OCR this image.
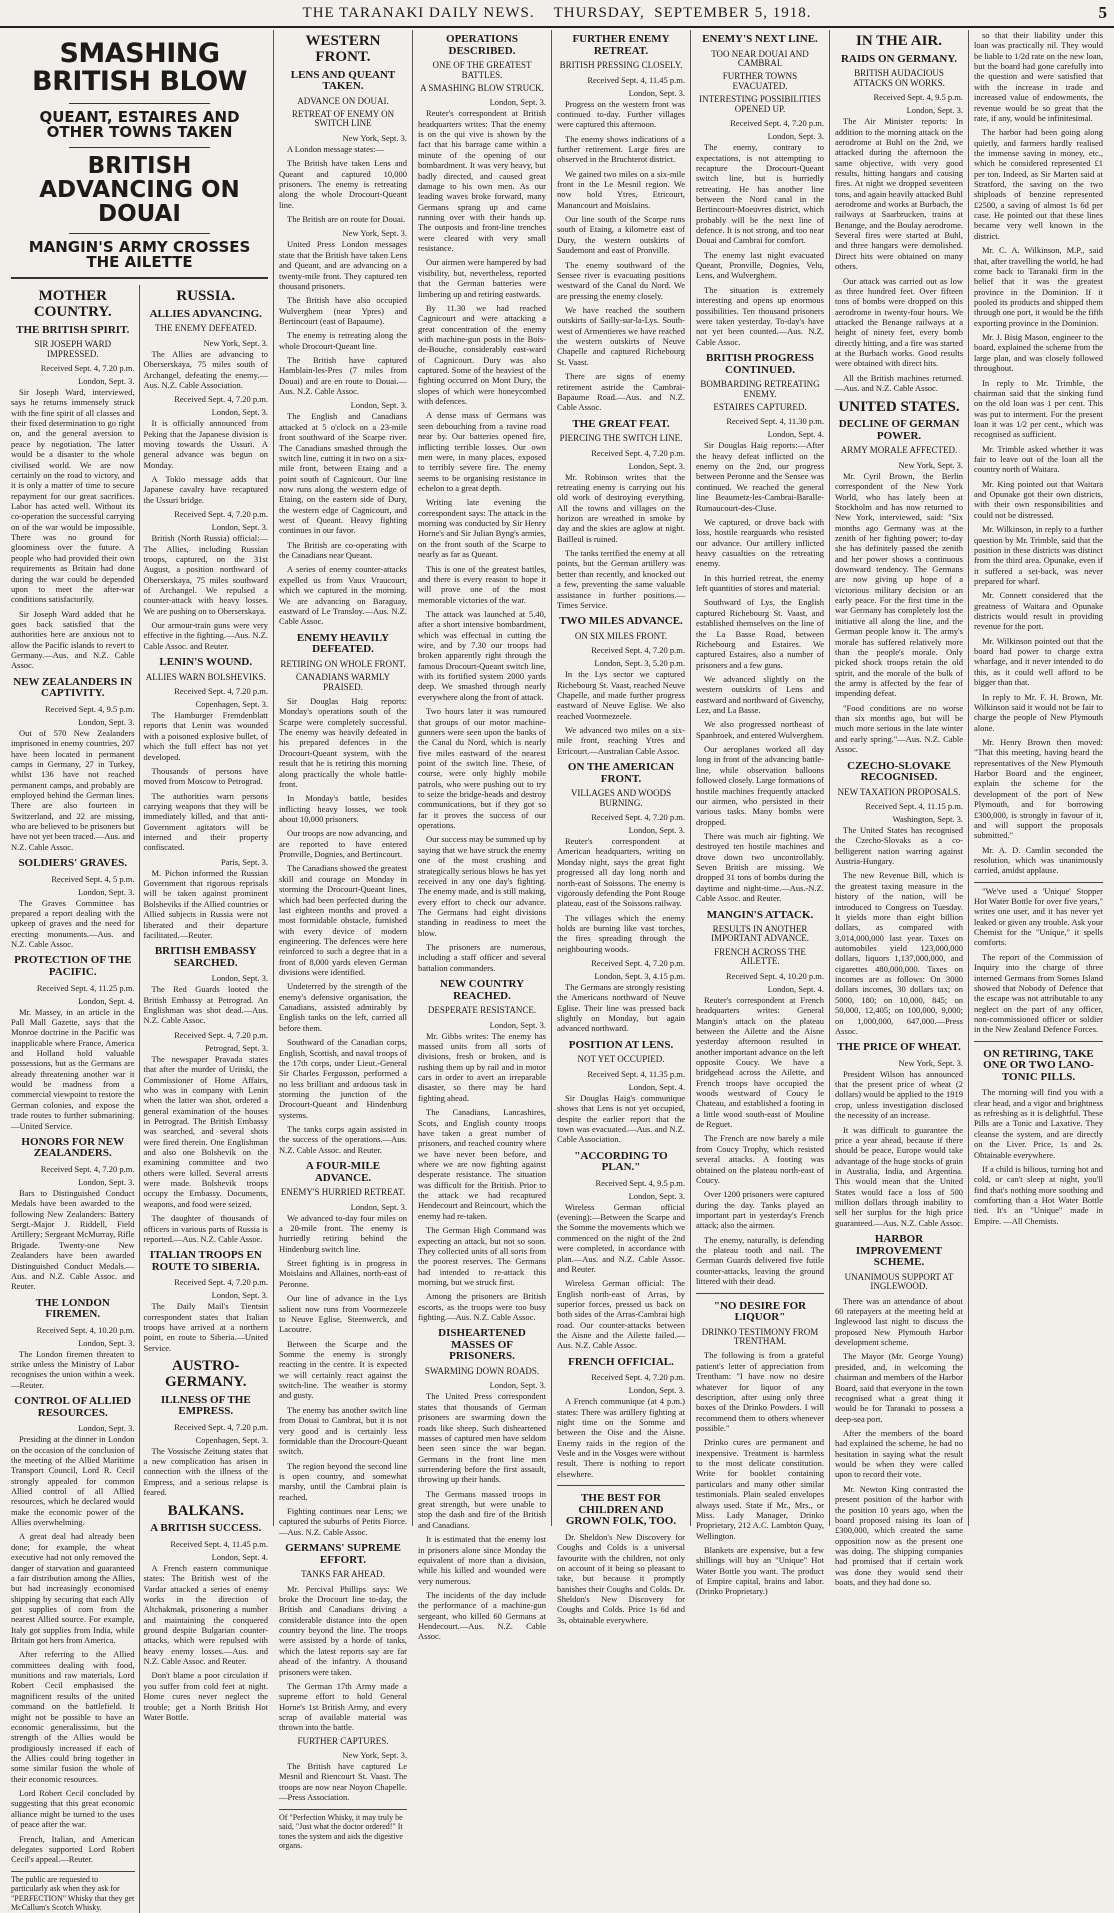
THE TARANAKI DAILY NEWS.
THURSDAY,
SEPTEMBER 5, 1918.	5
SMASHING BRITISH BLOW
QUEANT, ESTAIRES AND OTHER TOWNS TAKEN
BRITISH ADVANCING ON DOUAI
MANGIN'S ARMY CROSSES THE AILETTE
MOTHER COUNTRY.
THE BRITISH SPIRIT.
SIR JOSEPH WARD IMPRESSED.
Received Sept. 4, 7.20 p.m.
London, Sept. 3.

Sir Joseph Ward, interviewed, says he returns immensely struck with the fine spirit of all classes and their fixed determination to go right on, and the general aversion to peace by negotiation. The latter would be a disaster to the whole civilised world. We are now certainly on the road to victory, and it is only a matter of time to secure repayment for our great sacrifices. Labor has acted well. Without its co-operation the successful carrying on of the war would be impossible. There was no ground for gloominess over the future. A people who had provided their own requirements as Britain had done during the war could be depended upon to meet the after-war conditions satisfactorily.

Sir Joseph Ward added that he goes back satisfied that the authorities here are anxious not to allow the Pacific islands to revert to Germany.—Aus. and N.Z. Cable Assoc.

NEW ZEALANDERS IN CAPTIVITY.
Received Sept. 4, 9.5 p.m.
London, Sept. 3.

Out of 570 New Zealanders imprisoned in enemy countries, 207 have been located in permanent camps in Germany, 27 in Turkey, whilst 136 have not reached permanent camps, and probably are employed behind the German lines. There are also fourteen in Switzerland, and 22 are missing, who are believed to be prisoners but have not yet been traced.—Aus. and N.Z. Cable Assoc.

SOLDIERS' GRAVES.
Received Sept. 4, 5 p.m.
London, Sept. 3.

The Graves Committee has prepared a report dealing with the upkeep of graves and the need for erecting monuments.—Aus. and N.Z. Cable Assoc.

PROTECTION OF THE PACIFIC.
Received Sept. 4, 11.25 p.m.
London, Sept. 4.

Mr. Massey, in an article in the Pall Mall Gazette, says that the Monroe doctrine in the Pacific was inapplicable where France, America and Holland hold valuable possessions, but as the Germans are already threatening another war it would be madness from a commercial viewpoint to restore the German colonies, and expose the trade routes to further submarining.—United Service.

HONORS FOR NEW ZEALANDERS.
Received Sept. 4, 7.20 p.m.
London, Sept. 3.

Bars to Distinguished Conduct Medals have been awarded to the following New Zealanders: Battery Sergt.-Major J. Riddell, Field Artillery; Sergeant McMurray, Rifle Brigade. Twenty-one New Zealanders have been awarded Distinguished Conduct Medals.—Aus. and N.Z. Cable Assoc. and Reuter.

THE LONDON FIREMEN.
Received Sept. 4, 10.20 p.m.
London, Sept. 3.

The London firemen threaten to strike unless the Ministry of Labor recognises the union within a week.—Reuter.

CONTROL OF ALLIED RESOURCES.
London, Sept. 3.

Presiding at the dinner in London on the occasion of the conclusion of the meeting of the Allied Maritime Transport Council, Lord R. Cecil strongly appealed for common Allied control of all Allied resources, which he declared would make the economic power of the Allies overwhelming.

A great deal had already been done; for example, the wheat executive had not only removed the danger of starvation and guaranteed a fair distribution among the Allies, but had increasingly economised shipping by securing that each Ally got supplies of corn from the nearest Allied source. For example, Italy got supplies from India, while Britain got hers from America.

After referring to the Allied committees dealing with food, munitions and raw materials, Lord Robert Cecil emphasised the magnificent results of the united command on the battlefield. It might not be possible to have an economic generalissimo, but the strength of the Allies would be prodigiously increased if each of the Allies could bring together in some similar fusion the whole of their economic resources.

Lord Robert Cecil concluded by suggesting that this great economic alliance might be turned to the uses of peace after the war.

French, Italian, and American delegates supported Lord Robert Cecil's appeal.—Reuter.

The public are requested to particularly ask when they ask for "PERFECTION" Whisky that they get McCallum's Scotch Whisky.
RUSSIA.
ALLIES ADVANCING.
THE ENEMY DEFEATED.
New York, Sept. 3.

The Allies are advancing to Oberserskaya, 75 miles south of Archangel, defeating the enemy.—Aus. N.Z. Cable Association.

Received Sept. 4, 7.20 p.m.
London, Sept. 3.

It is officially announced from Peking that the Japanese division is moving towards the Ussuri. A general advance was begun on Monday.

A Tokio message adds that Japanese cavalry have recaptured the Ussuri bridge.

Received Sept. 4, 7.20 p.m.
London, Sept. 3.

British (North Russia) official:—The Allies, including Russian troops, captured, on the 31st August, a position northward of Oberserskaya, 75 miles southward of Archangel. We repulsed a counter-attack with heavy losses. We are pushing on to Oberserskaya.

Our armour-train guns were very effective in the fighting.—Aus. N.Z. Cable Assoc. and Reuter.

LENIN'S WOUND.
ALLIES WARN BOLSHEVIKS.
Received Sept. 4, 7.20 p.m.
Copenhagen, Sept. 3.

The Hamburger Fremdenblatt reports that Lenin was wounded with a poisoned explosive bullet, of which the full effect has not yet developed.

Thousands of persons have moved from Moscow to Petrograd.

The authorities warn persons carrying weapons that they will be immediately killed, and that anti-Government agitators will be interned and their property confiscated.

Paris, Sept. 3.

M. Pichon informed the Russian Government that rigorous reprisals will be taken against prominent Bolsheviks if the Allied countries or Allied subjects in Russia were not liberated and their departure facilitated.—Reuter.

BRITISH EMBASSY SEARCHED.
London, Sept. 3.

The Red Guards looted the British Embassy at Petrograd. An Englishman was shot dead.—Aus. N.Z. Cable Assoc.

Received Sept. 4, 7.20 p.m.
Petrograd, Sept. 3.

The newspaper Pravada states that after the murder of Uritski, the Commissioner of Home Affairs, who was in company with Lenin when the latter was shot, ordered a general examination of the houses in Petrograd. The British Embassy was searched, and several shots were fired therein. One Englishman and also one Bolshevik on the examining committee and two others were killed. Several arrests were made. Bolshevik troops occupy the Embassy. Documents, weapons, and food were seized.

The daughter of thousands of officers in various parts of Russia is reported.—Aus. N.Z. Cable Assoc.

ITALIAN TROOPS EN ROUTE TO SIBERIA.
Received Sept. 4, 7.20 p.m.
London, Sept. 3.

The Daily Mail's Tientsin correspondent states that Italian troops have arrived at a northern point, en route to Siberia.—United Service.

AUSTRO-GERMANY.
ILLNESS OF THE EMPRESS.
Received Sept. 4, 7.20 p.m.
Copenhagen, Sept. 3.

The Vossische Zeitung states that a new complication has arisen in connection with the illness of the Empress, and a serious relapse is feared.

BALKANS.
A BRITISH SUCCESS.
Received Sept. 4, 11.45 p.m.
London, Sept. 4.

A French eastern communique states: The British west of the Vardar attacked a series of enemy works in the direction of Altchakmak, prisonering a number and maintaining the conquered ground despite Bulgarian counter-attacks, which were repulsed with heavy enemy losses.—Aus. and N.Z. Cable Assoc. and Reuter.

Don't blame a poor circulation if you suffer from cold feet at night. Home cures never neglect the trouble; get a North British Hot Water Bottle.

WESTERN FRONT.
LENS AND QUEANT TAKEN.
ADVANCE ON DOUAI.
RETREAT OF ENEMY ON SWITCH LINE
New York, Sept. 3.

A London message states:—

The British have taken Lens and Queant and captured 10,000 prisoners. The enemy is retreating along the whole Drocourt-Queant line.

The British are on route for Douai.

New York, Sept. 3.

United Press London messages state that the British have taken Lens and Queant, and are advancing on a twenty-mile front. They captured ten thousand prisoners.

The British have also occupied Wulverghem (near Ypres) and Bertincourt (east of Bapaume).

The enemy is retreating along the whole Drocourt-Queant line.

The British have captured Hamblain-les-Pres (7 miles from Douai) and are en route to Douai.—Aus. N.Z. Cable Assoc.

London, Sept. 3.

The English and Canadians attacked at 5 o'clock on a 23-mile front southward of the Scarpe river. The Canadians smashed through the switch line, cutting it in two on a six-mile front, between Etaing and a point south of Cagnicourt. Our line now runs along the western edge of Etaing, on the eastern side of Dury, the western edge of Cagnicourt, and west of Queant. Heavy fighting continues in our favor.

The British are co-operating with the Canadians near Queant.

A series of enemy counter-attacks expelled us from Vaux Vraucourt, which we captured in the morning. We are advancing on Baraguay, eastward of Le Transloy.—Aus. N.Z. Cable Assoc.

ENEMY HEAVILY DEFEATED.
RETIRING ON WHOLE FRONT.
CANADIANS WARMLY PRAISED.

Sir Douglas Haig reports: Monday's operations south of the Scarpe were completely successful. The enemy was heavily defeated in his prepared defences in the Drocourt-Queant system, with the result that he is retiring this morning along practically the whole battle-front.

In Monday's battle, besides inflicting heavy losses, we took about 10,000 prisoners.

Our troops are now advancing, and are reported to have entered Pronville, Dognies, and Bertincourt.

The Canadians showed the greatest skill and courage on Monday in storming the Drocourt-Queant lines, which had been perfected during the last eighteen months and proved a most formidable obstacle, furnished with every device of modern engineering. The defences were here reinforced to such a degree that in a front of 8,000 yards eleven German divisions were identified.

Undeterred by the strength of the enemy's defensive organisation, the Canadians, assisted admirably by English tanks on the left, carried all before them.

Southward of the Canadian corps, English, Scottish, and naval troops of the 17th corps, under Lieut.-General Sir Charles Fergusson, performed a no less brilliant and arduous task in storming the junction of the Drocourt-Queant and Hindenburg systems.

The tanks corps again assisted in the success of the operations.—Aus. N.Z. Cable Assoc. and Reuter.

A FOUR-MILE ADVANCE.
ENEMY'S HURRIED RETREAT.
London, Sept. 3.

We advanced to-day four miles on a 20-mile front. The enemy is hurriedly retiring behind the Hindenburg switch line.

Street fighting is in progress in Moislains and Allaines, north-east of Peronne.

Our line of advance in the Lys salient now runs from Voormezeele to Neuve Eglise, Steenwerck, and Lacoutre.

Between the Scarpe and the Somme the enemy is strongly reacting in the centre. It is expected we will certainly react against the switch-line. The weather is stormy and gusty.

The enemy has another switch line from Douai to Cambrai, but it is not very good and is certainly less formidable than the Drocourt-Queant switch.

The region beyond the second line is open country, and somewhat marshy, until the Cambrai plain is reached.

Fighting continues near Lens; we captured the suburbs of Petits Fiorce.—Aus. N.Z. Cable Assoc.

GERMANS' SUPREME EFFORT.
TANKS FAR AHEAD.

Mr. Percival Phillips says: We broke the Drocourt line to-day, the British and Canadians driving a considerable distance into the open country beyond the line. The troops were assisted by a horde of tanks, which the latest reports say are far ahead of the infantry. A thousand prisoners were taken.

The German 17th Army made a supreme effort to hold General Horne's 1st British Army, and every scrap of available material was thrown into the battle.

FURTHER CAPTURES.
New York, Sept. 3.

The British have captured Le Mesnil and Riencourt St. Vaast. The troops are now near Noyon Chapelle.—Press Association.

Of "Perfection Whisky, it may truly be said, "Just what the doctor ordered!" It tones the system and aids the digestive organs.
OPERATIONS DESCRIBED.
ONE OF THE GREATEST BATTLES.
A SMASHING BLOW STRUCK.
London, Sept. 3.

Reuter's correspondent at British headquarters writes: That the enemy is on the qui vive is shown by the fact that his barrage came within a minute of the opening of our bombardment. It was very heavy, but badly directed, and caused great damage to his own men. As our leading waves broke forward, many Germans sprang up and came running over with their hands up. The outposts and front-line trenches were cleared with very small resistance.

Our airmen were hampered by bad visibility, but, nevertheless, reported that the German batteries were limbering up and retiring eastwards.

By 11.30 we had reached Cagnicourt and were attacking a great concentration of the enemy with machine-gun posts in the Bois-de-Bouche, considerably east-ward of Cagnicourt. Dury was also captured. Some of the heaviest of the fighting occurred on Mont Dury, the slopes of which were honeycombed with defences.

A dense mass of Germans was seen debouching from a ravine road near by. Our batteries opened fire, inflicting terrible losses. Our own men were, in many places, exposed to terribly severe fire. The enemy seems to be organising resistance in echelon to a great depth.

Writing late evening the correspondent says: The attack in the morning was conducted by Sir Henry Horne's and Sir Julian Byng's armies, on the front south of the Scarpe to nearly as far as Queant.

This is one of the greatest battles, and there is every reason to hope it will prove one of the most memorable victories of the war.

The attack was launched at 5.40, after a short intensive bombardment, which was effectual in cutting the wire, and by 7.30 our troops had broken apparently right through the famous Drocourt-Queant switch line, with its fortified system 2000 yards deep. We smashed through nearly everywhere along the front of attack.

Two hours later it was rumoured that groups of our motor machine-gunners were seen upon the banks of the Canal du Nord, which is nearly five miles eastward of the nearest point of the switch line. These, of course, were only highly mobile patrols, who were pushing out to try to seize the bridge-heads and destroy communications, but if they got so far it proves the success of our operations.

Our success may be summed up by saying that we have struck the enemy one of the most crushing and strategically serious blows he has yet received in any one day's fighting. The enemy made, and is still making, every effort to check our advance. The Germans had eight divisions standing in readiness to meet the blow.

The prisoners are numerous, including a staff officer and several battalion commanders.

NEW COUNTRY REACHED.
DESPERATE RESISTANCE.
London, Sept. 3.

Mr. Gibbs writes: The enemy has massed units from all sorts of divisions, fresh or broken, and is rushing them up by rail and in motor cars in order to avert an irreparable disaster, so there may be hard fighting ahead.

The Canadians, Lancashires, Scots, and English county troops have taken a great number of prisoners, and reached country where we have never been before, and where we are now fighting against desperate resistance. The situation was difficult for the British. Prior to the attack we had recaptured Hendecourt and Reincourt, which the enemy had re-taken.

The German High Command was expecting an attack, but not so soon. They collected units of all sorts from the poorest reserves. The Germans had intended to re-attack this morning, but we struck first.

Among the prisoners are British escorts, as the troops were too busy fighting.—Aus. N.Z. Cable Assoc.

DISHEARTENED MASSES OF PRISONERS.
SWARMING DOWN ROADS.
London, Sept. 3.

The United Press correspondent states that thousands of German prisoners are swarming down the roads like sheep. Such disheartened masses of captured men have seldom been seen since the war began. Germans in the front line men surrendering before the first assault, throwing up their hands.

The Germans massed troops in great strength, but were unable to stop the dash and fire of the British and Canadians.

It is estimated that the enemy lost in prisoners alone since Monday the equivalent of more than a division, while his killed and wounded were very numerous.

The incidents of the day include the performance of a machine-gun sergeant, who killed 60 Germans at Hendecourt.—Aus. N.Z. Cable Assoc.

FURTHER ENEMY RETREAT.
BRITISH PRESSING CLOSELY.
Received Sept. 4, 11.45 p.m.
London, Sept. 3.

Progress on the western front was continued to-day. Further villages were captured this afternoon.

The enemy shows indications of a further retirement. Large fires are observed in the Bruchterot district.

We gained two miles on a six-mile front in the Le Mesnil region. We now hold Ytres, Etricourt, Manancourt and Moislains.

Our line south of the Scarpe runs south of Etaing, a kilometre east of Dury, the western outskirts of Saudemont and east of Pronville.

The enemy southward of the Sensee river is evacuating positions westward of the Canal du Nord. We are pressing the enemy closely.

We have reached the southern outskirts of Sailly-sur-la-Lys. South-west of Armentieres we have reached the western outskirts of Neuve Chapelle and captured Richebourg St. Vaast.

There are signs of enemy retirement astride the Cambrai-Bapaume Road.—Aus. and N.Z. Cable Assoc.

THE GREAT FEAT.
PIERCING THE SWITCH LINE.
Received Sept. 4, 7.20 p.m.
London, Sept. 3.

Mr. Robinson writes that the retreating enemy is carrying out his old work of destroying everything. All the towns and villages on the horizon are wreathed in smoke by day and the skies are aglow at night. Bailleul is ruined.

The tanks terrified the enemy at all points, but the German artillery was better than recently, and knocked out a few, preventing the same valuable assistance in further positions.—Times Service.

TWO MILES ADVANCE.
ON SIX MILES FRONT.
Received Sept. 4, 7.20 p.m.
London, Sept. 3, 5.20 p.m.

In the Lys sector we captured Richebourg St. Vaast, reached Neuve Chapelle, and made further progress eastward of Neuve Eglise. We also reached Voormezeele.

We advanced two miles on a six-mile front, reaching Ytres and Etricourt.—Australian Cable Assoc.

ON THE AMERICAN FRONT.
VILLAGES AND WOODS BURNING.
Received Sept. 4, 7.20 p.m.
London, Sept. 3.

Reuter's correspondent at American headquarters, writing on Monday night, says the great fight progressed all day long north and north-east of Soissons. The enemy is vigorously defending the Pont Rouge plateau, east of the Soissons railway.

The villages which the enemy holds are burning like vast torches, the fires spreading through the neighbouring woods.

Received Sept. 4, 7.20 p.m.
London, Sept. 3, 4.15 p.m.

The Germans are strongly resisting the Americans northward of Neuve Eglise. Their line was pressed back slightly on Monday, but again advanced northward.

POSITION AT LENS.
NOT YET OCCUPIED.
Received Sept. 4, 11.35 p.m.
London, Sept. 4.

Sir Douglas Haig's communique shows that Lens is not yet occupied, despite the earlier report that the town was evacuated.—Aus. and N.Z. Cable Association.

"ACCORDING TO PLAN."
Received Sept. 4, 9.5 p.m.
London, Sept. 3.

Wireless German official (evening):—Between the Scarpe and the Somme the movements which we commenced on the night of the 2nd were completed, in accordance with plan.—Aus. and N.Z. Cable Assoc. and Reuter.

Wireless German official: The English north-east of Arras, by superior forces, pressed us back on both sides of the Arras-Cambrai high road. Our counter-attacks between the Aisne and the Ailette failed.—Aus. N.Z. Cable Assoc.

FRENCH OFFICIAL.
Received Sept. 4, 7.20 p.m.
London, Sept. 3.

A French communique (at 4 p.m.) states: There was artillery fighting at night time on the Somme and between the Oise and the Aisne. Enemy raids in the region of the Vesle and in the Vosges were without result. There is nothing to report elsewhere.

THE BEST FOR CHILDREN AND GROWN FOLK, TOO.

Dr. Sheldon's New Discovery for Coughs and Colds is a universal favourite with the children, not only on account of it being so pleasant to take, but because it promptly banishes their Coughs and Colds. Dr. Sheldon's New Discovery for Coughs and Colds. Price 1s 6d and 3s, obtainable everywhere.

ENEMY'S NEXT LINE.
TOO NEAR DOUAI AND CAMBRAI.
FURTHER TOWNS EVACUATED.
INTERESTING POSSIBILITIES OPENED UP.
Received Sept. 4, 7.20 p.m.
London, Sept. 3.

The enemy, contrary to expectations, is not attempting to recapture the Drocourt-Queant switch line, but is hurriedly retreating. He has another line between the Nord canal in the Bertincourt-Moeuvres district, which probably will be the next line of defence. It is not strong, and too near Douai and Cambrai for comfort.

The enemy last night evacuated Queant, Pronville, Dognies, Velu, Lens, and Wulverghem.

The situation is extremely interesting and opens up enormous possibilities. Ten thousand prisoners were taken yesterday. To-day's have not yet been counted.—Aus. N.Z. Cable Assoc.

BRITISH PROGRESS CONTINUED.
BOMBARDING RETREATING ENEMY.
ESTAIRES CAPTURED.
Received Sept. 4, 11.30 p.m.
London, Sept. 4.

Sir Douglas Haig reports:—After the heavy defeat inflicted on the enemy on the 2nd, our progress between Peronne and the Sensee was continued. We reached the general line Beaumetz-les-Cambrai-Baralle-Rumaucourt-des-Cluse.

We captured, or drove back with loss, hostile rearguards who resisted our advance. Our artillery inflicted heavy casualties on the retreating enemy.

In this hurried retreat, the enemy left quantities of stores and material.

Southward of Lys, the English captured Richebourg St. Vaast, and established themselves on the line of the La Basse Road, between Richebourg and Estaires. We captured Estaires, also a number of prisoners and a few guns.

We advanced slightly on the western outskirts of Lens and eastward and northward of Givenchy, Lez, and La Basse.

We also progressed northeast of Spanbroek, and entered Wulverghem.

Our aeroplanes worked all day long in front of the advancing battle-line, while observation balloons followed closely. Large formations of hostile machines frequently attacked our airmen, who persisted in their various tasks. Many bombs were dropped.

There was much air fighting. We destroyed ten hostile machines and drove down two uncontrollably. Seven British are missing. We dropped 31 tons of bombs during the daytime and night-time.—Aus.-N.Z. Cable Assoc. and Reuter.

MANGIN'S ATTACK.
RESULTS IN ANOTHER IMPORTANT ADVANCE.
FRENCH ACROSS THE AILETTE.
Received Sept. 4, 10.20 p.m.
London, Sept. 4.

Reuter's correspondent at French headquarters writes: General Mangin's attack on the plateau between the Ailette and the Aisne yesterday afternoon resulted in another important advance on the left opposite Coucy. We have a bridgehead across the Ailette, and French troops have occupied the woods westward of Coucy le Chateau, and established a footing in a little wood south-east of Mouline de Reguet.

The French are now barely a mile from Coucy Trophy, which resisted several attacks. A footing was obtained on the plateau north-east of Coucy.

Over 1200 prisoners were captured during the day. Tanks played an important part in yesterday's French attack; also the airmen.

The enemy, naturally, is defending the plateau tooth and nail. The German Guards delivered five futile counter-attacks, leaving the ground littered with their dead.

"NO DESIRE FOR LIQUOR"
DRINKO TESTIMONY FROM TRENTHAM.

The following is from a grateful patient's letter of appreciation from Trentham: "I have now no desire whatever for liquor of any description, after using only three boxes of the Drinko Powders. I will recommend them to others whenever possible."

Drinko cures are permanent and inexpensive. Treatment is harmless to the most delicate constitution. Write for booklet containing particulars and many other similar testimonials. Plain sealed envelopes always used. State if Mr., Mrs., or Miss. Lady Manager, Drinko Proprietary, 212 A.C. Lambton Quay, Wellington.

Blankets are expensive, but a few shillings will buy an "Unique" Hot Water Bottle you want. The product of Empire capital, brains and labor. (Drinko Proprietary.)

IN THE AIR.
RAIDS ON GERMANY.
BRITISH AUDACIOUS ATTACKS ON WORKS.
Received Sept. 4, 9.5 p.m.
London, Sept. 3.

The Air Minister reports: In addition to the morning attack on the aerodrome at Buhl on the 2nd, we attacked during the afternoon the same objective, with very good results, hitting hangars and causing fires. At night we dropped seventeen tons, and again heavily attacked Buhl aerodrome and works at Burbach, the railways at Saarbrucken, trains at Benange, and the Boulay aerodrome. Several fires were started at Buhl, and three hangars were demolished. Direct hits were obtained on many others.

Our attack was carried out as low as three hundred feet. Over fifteen tons of bombs were dropped on this aerodrome in twenty-four hours. We attacked the Benange railways at a height of ninety feet, every bomb directly hitting, and a fire was started at the Burbach works. Good results were obtained with direct hits.

All the British machines returned.—Aus. and N.Z. Cable Assoc.

UNITED STATES.
DECLINE OF GERMAN POWER.
ARMY MORALE AFFECTED.
New York, Sept. 3.

Mr. Cyril Brown, the Berlin correspondent of the New York World, who has lately been at Stockholm and has now returned to New York, interviewed, said: "Six months ago Germany was at the zenith of her fighting power; to-day she has definitely passed the zenith and her power shows a continuous downward tendency. The Germans are now giving up hope of a victorious military decision or an early peace. For the first time in the war Germany has completely lost the initiative all along the line, and the German people know it. The army's morale has suffered relatively more than the people's morale. Only picked shock troops retain the old spirit, and the morale of the bulk of the army is affected by the fear of impending defeat.

"Food conditions are no worse than six months ago, but will be much more serious in the late winter and early spring."—Aus. N.Z. Cable Assoc.

CZECHO-SLOVAKE RECOGNISED.
NEW TAXATION PROPOSALS.
Received Sept. 4, 11.15 p.m.
Washington, Sept. 3.

The United States has recognised the Czecho-Slovaks as a co-belligerent nation warring against Austria-Hungary.

The new Revenue Bill, which is the greatest taxing measure in the history of the nation, will be introduced to Congress on Tuesday. It yields more than eight billion dollars, as compared with 3,014,000,000 last year. Taxes on automobiles yield 123,000,000 dollars, liquors 1,137,000,000, and cigarettes 480,000,000. Taxes on incomes are as follows: On 3000 dollars incomes, 30 dollars tax; on 5000, 180; on 10,000, 845; on 50,000, 12,405; on 100,000, 9,000; on 1,000,000, 647,000.—Press Assoc.

THE PRICE OF WHEAT.
New York, Sept. 3.

President Wilson has announced that the present price of wheat (2 dollars) would be applied to the 1919 crop, unless investigation disclosed the necessity of an increase.

It was difficult to guarantee the price a year ahead, because if there should be peace, Europe would take advantage of the huge stocks of grain in Australia, India, and Argentina. This would mean that the United States would face a loss of 500 million dollars through inability to sell her surplus for the high price guaranteed.—Aus. N.Z. Cable Assoc.

HARBOR IMPROVEMENT SCHEME.
UNANIMOUS SUPPORT AT INGLEWOOD.

There was an attendance of about 60 ratepayers at the meeting held at Inglewood last night to discuss the proposed New Plymouth Harbor development scheme.

The Mayor (Mr. George Young) presided, and, in welcoming the chairman and members of the Harbor Board, said that everyone in the town recognised what a great thing it would be for Taranaki to possess a deep-sea port.

After the members of the board had explained the scheme, he had no hesitation in saying what the result would be when they were called upon to record their vote.

Mr. Newton King contrasted the present position of the harbor with the position 10 years ago, when the board proposed raising its loan of £300,000, which created the same opposition now as the present one was doing. The shipping companies had promised that if certain work was done they would send their boats, and they had done so.

so that their liability under this loan was practically nil. They would be liable to 1/2d rate on the new loan, but the board had gone carefully into the question and were satisfied that with the increase in trade and increased value of endowments, the revenue would be so great that the rate, if any, would be infinitesimal.

The harbor had been going along quietly, and farmers hardly realised the immense saving in money, etc., which he considered represented £1 per ton. Indeed, as Sir Marten said at Stratford, the saving on the two shiploads of benzine represented £2500, a saving of almost 1s 6d per case. He pointed out that these lines became very well known in the district.

Mr. C. A. Wilkinson, M.P., said that, after travelling the world, he had come back to Taranaki firm in the belief that it was the greatest province in the Dominion. If it pooled its products and shipped them through one port, it would be the fifth exporting province in the Dominion.

Mr. J. Bisig Mason, engineer to the board, explained the scheme from the large plan, and was closely followed throughout.

In reply to Mr. Trimble, the chairman said that the sinking fund on the old loan was 1 per cent. This was put to interment. For the present loan it was 1/2 per cent., which was recognised as sufficient.

Mr. Trimble asked whether it was fair to leave out of the loan all the country north of Waitara.

Mr. King pointed out that Waitara and Opunake got their own districts, with their own responsibilities and could not be distressed.

Mr. Wilkinson, in reply to a further question by Mr. Trimble, said that the position in these districts was distinct from the third area. Opunake, even if it suffered a set-back, was never prepared for wharf.

Mr. Connett considered that the greatness of Waitara and Opunake districts would result in providing revenue for the port.

Mr. Wilkinson pointed out that the board had power to charge extra wharfage, and it never intended to do this, as it could well afford to be bigger than that.

In reply to Mr. F. H. Brown, Mr. Wilkinson said it would not be fair to charge the people of New Plymouth alone.

Mr. Henry Brown then moved: "That this meeting, having heard the representatives of the New Plymouth Harbor Board and the engineer, explain the scheme for the development of the port of New Plymouth, and for borrowing £300,000, is strongly in favour of it, and will support the proposals submitted."

Mr. A. D. Camlin seconded the resolution, which was unanimously carried, amidst applause.

"We've used a 'Unique' Stopper Hot Water Bottle for over five years," writes one user, and it has never yet leaked or given any trouble. Ask your Chemist for the "Unique," it spells comforts.

The report of the Commission of Inquiry into the charge of three interned Germans from Somes Island showed that Nobody of Defence that the escape was not attributable to any neglect on the part of any officer, non-commissioned officer or soldier in the New Zealand Defence Forces.

ON RETIRING, TAKE ONE OR TWO LANO-TONIC PILLS.

The morning will find you with a clear head, and a vigor and brightness as refreshing as it is delightful. These Pills are a Tonic and Laxative. They cleanse the system, and are directly on the Liver. Price, 1s and 2s. Obtainable everywhere.

If a child is bilious, turning hot and cold, or can't sleep at night, you'll find that's nothing more soothing and comforting than a Hot Water Bottle tied. It's an "Unique" made in Empire. —All Chemists.
